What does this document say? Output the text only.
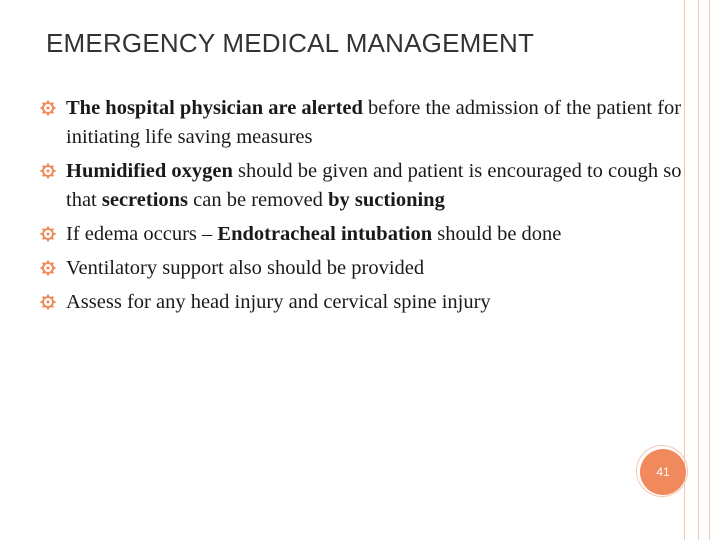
EMERGENCY MEDICAL MANAGEMENT
The hospital physician are alerted before the admission of the patient for initiating life saving measures
Humidified oxygen should be given and patient is encouraged to cough so that secretions can be removed by suctioning
If edema occurs – Endotracheal intubation should be done
Ventilatory support also should be provided
Assess for any head injury and cervical spine injury
41
